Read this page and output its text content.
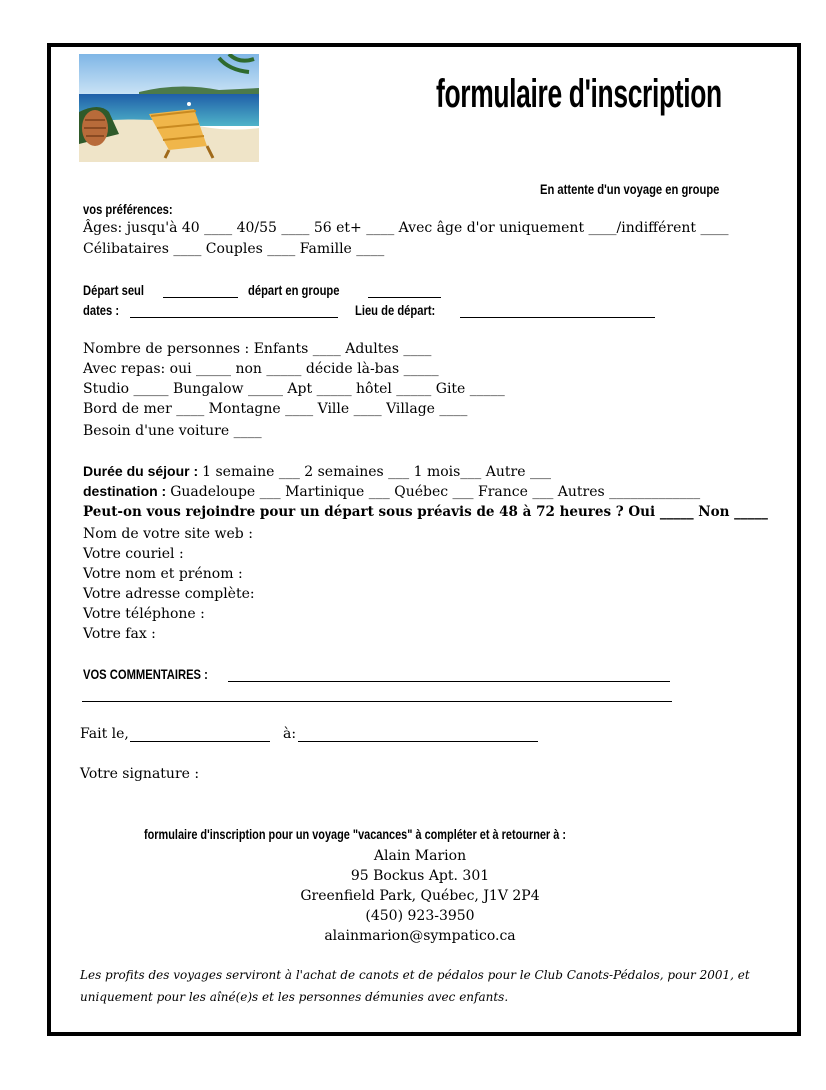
formulaire d'inscription
En attente d'un voyage en groupe
vos préférences:
Âges: jusqu'à 40 ____ 40/55 ____ 56 et+ ____ Avec âge d'or uniquement ____/indifférent ____
Célibataires ____ Couples ____ Famille ____
Départ seul	départ en groupe
dates :	Lieu de départ:
Nombre de personnes : Enfants ____ Adultes ____
Avec repas: oui _____ non _____ décide là-bas _____
Studio _____ Bungalow _____ Apt _____ hôtel _____ Gite _____
Bord de mer ____ Montagne ____ Ville ____ Village ____
Besoin d'une voiture ____
Durée du séjour : 1 semaine ___ 2 semaines ___ 1 mois___ Autre ___
destination : Guadeloupe ___ Martinique ___ Québec ___ France ___ Autres _____________
Peut-on vous rejoindre pour un départ sous préavis de 48 à 72 heures ? Oui _____ Non _____
Nom de votre site web :
Votre couriel :
Votre nom et prénom :
Votre adresse complète:
Votre téléphone :
Votre fax :
VOS COMMENTAIRES :
Fait le,	à:
Votre signature :
formulaire d'inscription pour un voyage "vacances" à compléter et à retourner à :
Alain Marion
95 Bockus Apt. 301
Greenfield Park, Québec, J1V 2P4
(450) 923-3950
alainmarion@sympatico.ca
Les profits des voyages serviront à l'achat de canots et de pédalos pour le Club Canots-Pédalos, pour 2001, et uniquement pour les aîné(e)s et les personnes démunies avec enfants.
